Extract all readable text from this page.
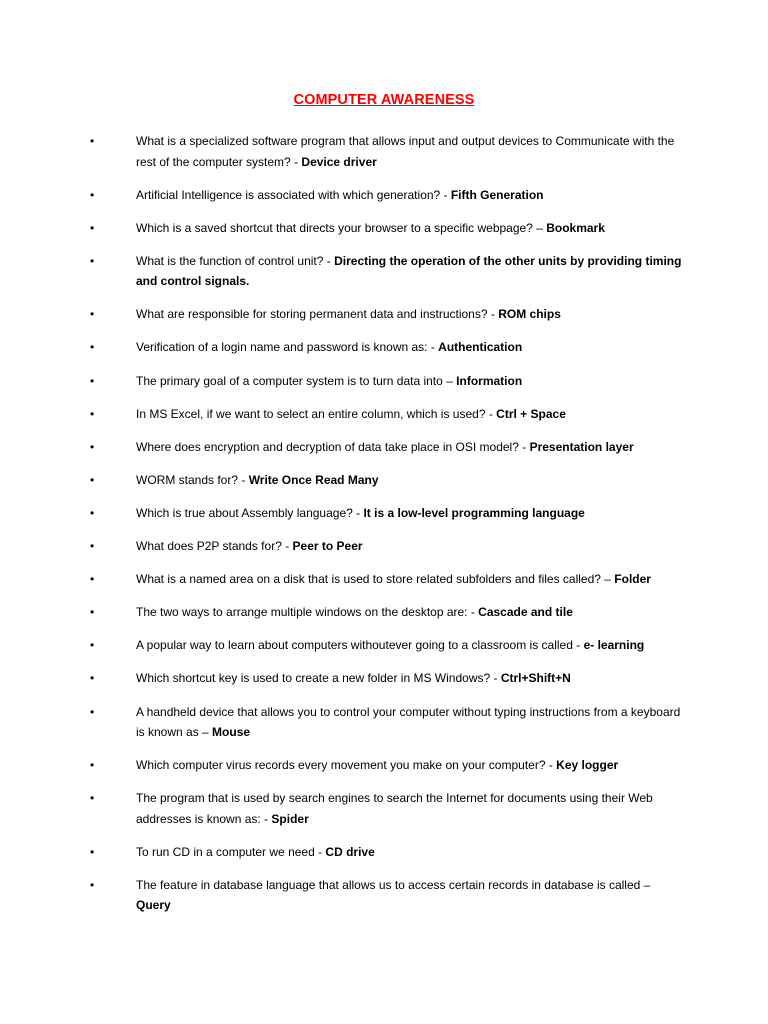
COMPUTER AWARENESS
•	What is a specialized software program that allows input and output devices to Communicate with the rest of the computer system? - Device driver
•	Artificial Intelligence is associated with which generation? - Fifth Generation
•	Which is a saved shortcut that directs your browser to a specific webpage? – Bookmark
•	What is the function of control unit? - Directing the operation of the other units by providing timing and control signals.
•	What are responsible for storing permanent data and instructions? - ROM chips
•	Verification of a login name and password is known as: - Authentication
•	The primary goal of a computer system is to turn data into – Information
•	In MS Excel, if we want to select an entire column, which is used? - Ctrl + Space
•	Where does encryption and decryption of data take place in OSI model? - Presentation layer
•	WORM stands for? - Write Once Read Many
•	Which is true about Assembly language? - It is a low-level programming language
•	What does P2P stands for? - Peer to Peer
•	What is a named area on a disk that is used to store related subfolders and files called? – Folder
•	The two ways to arrange multiple windows on the desktop are: - Cascade and tile
•	A popular way to learn about computers withoutever going to a classroom is called - e- learning
•	Which shortcut key is used to create a new folder in MS Windows? - Ctrl+Shift+N
•	A handheld device that allows you to control your computer without typing instructions from a keyboard is known as – Mouse
•	Which computer virus records every movement you make on your computer? - Key logger
•	The program that is used by search engines to search the Internet for documents using their Web addresses is known as: - Spider
•	To run CD in a computer we need - CD drive
•	The feature in database language that allows us to access certain records in database is called – Query
